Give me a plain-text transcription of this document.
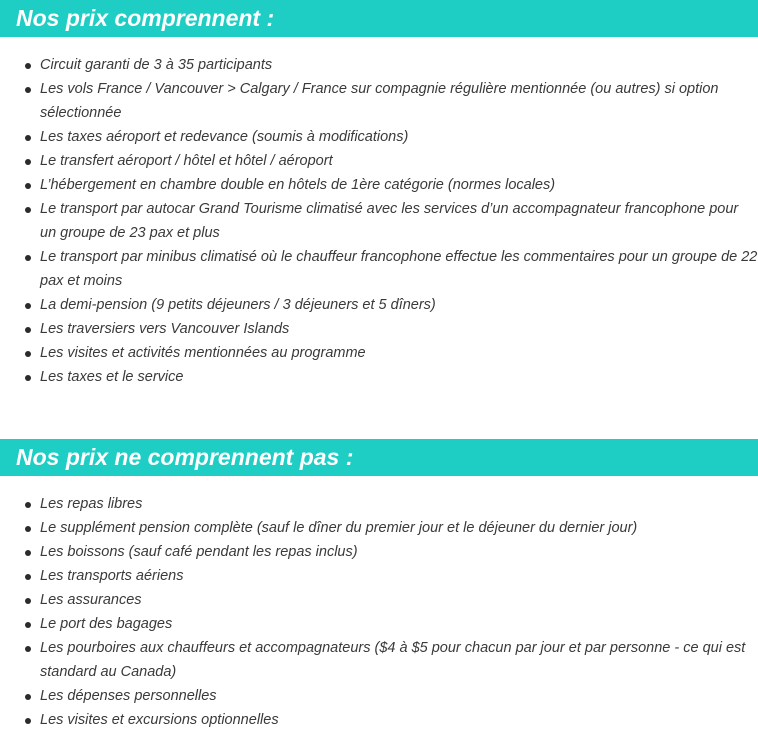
Nos prix comprennent :
Circuit garanti de 3 à 35 participants
Les vols France / Vancouver > Calgary / France sur compagnie régulière mentionnée (ou autres) si option sélectionnée
Les taxes aéroport et redevance (soumis à modifications)
Le transfert aéroport / hôtel et hôtel / aéroport
L’hébergement en chambre double en hôtels de 1ère catégorie (normes locales)
Le transport par autocar Grand Tourisme climatisé avec les services d’un accompagnateur francophone pour un groupe de 23 pax et plus
Le transport par minibus climatisé où le chauffeur francophone effectue les commentaires pour un groupe de 22 pax et moins
La demi-pension (9 petits déjeuners / 3 déjeuners et 5 dîners)
Les traversiers vers Vancouver Islands
Les visites et activités mentionnées au programme
Les taxes et le service
Nos prix ne comprennent pas :
Les repas libres
Le supplément pension complète (sauf le dîner du premier jour et le déjeuner du dernier jour)
Les boissons (sauf café pendant les repas inclus)
Les transports aériens
Les assurances
Le port des bagages
Les pourboires aux chauffeurs et accompagnateurs ($4 à $5 pour chacun par jour et par personne - ce qui est standard au Canada)
Les dépenses personnelles
Les visites et excursions optionnelles
